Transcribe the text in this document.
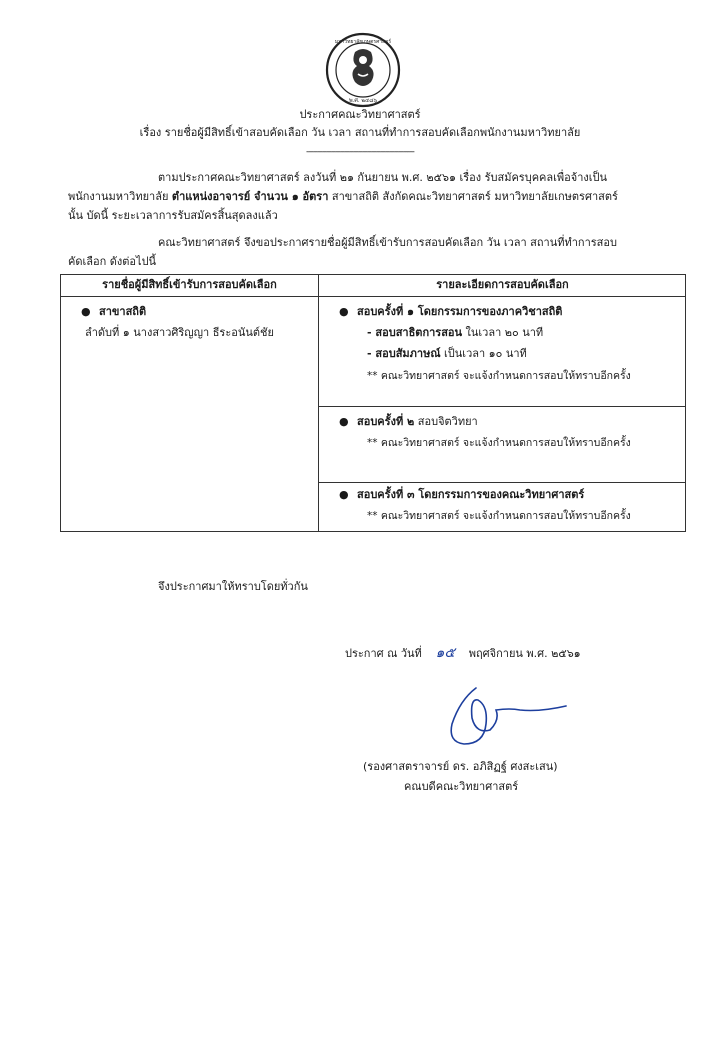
มหาวิทยาลัยเกษตรศาสตร์
พ.ศ. ๒๔๘๖
ประกาศคณะวิทยาศาสตร์
เรื่อง รายชื่อผู้มีสิทธิ์เข้าสอบคัดเลือก วัน เวลา สถานที่ทำการสอบคัดเลือกพนักงานมหาวิทยาลัย
------------------------------------------------
ตามประกาศคณะวิทยาศาสตร์ ลงวันที่ ๒๑ กันยายน พ.ศ. ๒๕๖๑ เรื่อง รับสมัครบุคคลเพื่อจ้างเป็น
พนักงานมหาวิทยาลัย ตำแหน่งอาจารย์ จำนวน ๑ อัตรา สาขาสถิติ สังกัดคณะวิทยาศาสตร์ มหาวิทยาลัยเกษตรศาสตร์
นั้น บัดนี้ ระยะเวลาการรับสมัครสิ้นสุดลงแล้ว
คณะวิทยาศาสตร์ จึงขอประกาศรายชื่อผู้มีสิทธิ์เข้ารับการสอบคัดเลือก วัน เวลา สถานที่ทำการสอบ
คัดเลือก ดังต่อไปนี้
รายชื่อผู้มีสิทธิ์เข้ารับการสอบคัดเลือก	รายละเอียดการสอบคัดเลือก
● สาขาสถิติ
ลำดับที่ ๑ นางสาวศิริญญา ธีระอนันต์ชัย
● สอบครั้งที่ ๑ โดยกรรมการของภาควิชาสถิติ
- สอบสาธิตการสอน ในเวลา ๒๐ นาที
- สอบสัมภาษณ์ เป็นเวลา ๑๐ นาที
** คณะวิทยาศาสตร์ จะแจ้งกำหนดการสอบให้ทราบอีกครั้ง
● สอบครั้งที่ ๒ สอบจิตวิทยา
** คณะวิทยาศาสตร์ จะแจ้งกำหนดการสอบให้ทราบอีกครั้ง
● สอบครั้งที่ ๓ โดยกรรมการของคณะวิทยาศาสตร์
** คณะวิทยาศาสตร์ จะแจ้งกำหนดการสอบให้ทราบอีกครั้ง
จึงประกาศมาให้ทราบโดยทั่วกัน
ประกาศ ณ วันที่ ๑๕ พฤศจิกายน พ.ศ. ๒๕๖๑
(รองศาสตราจารย์ ดร. อภิสิฏฐ์ ศงสะเสน)
คณบดีคณะวิทยาศาสตร์
